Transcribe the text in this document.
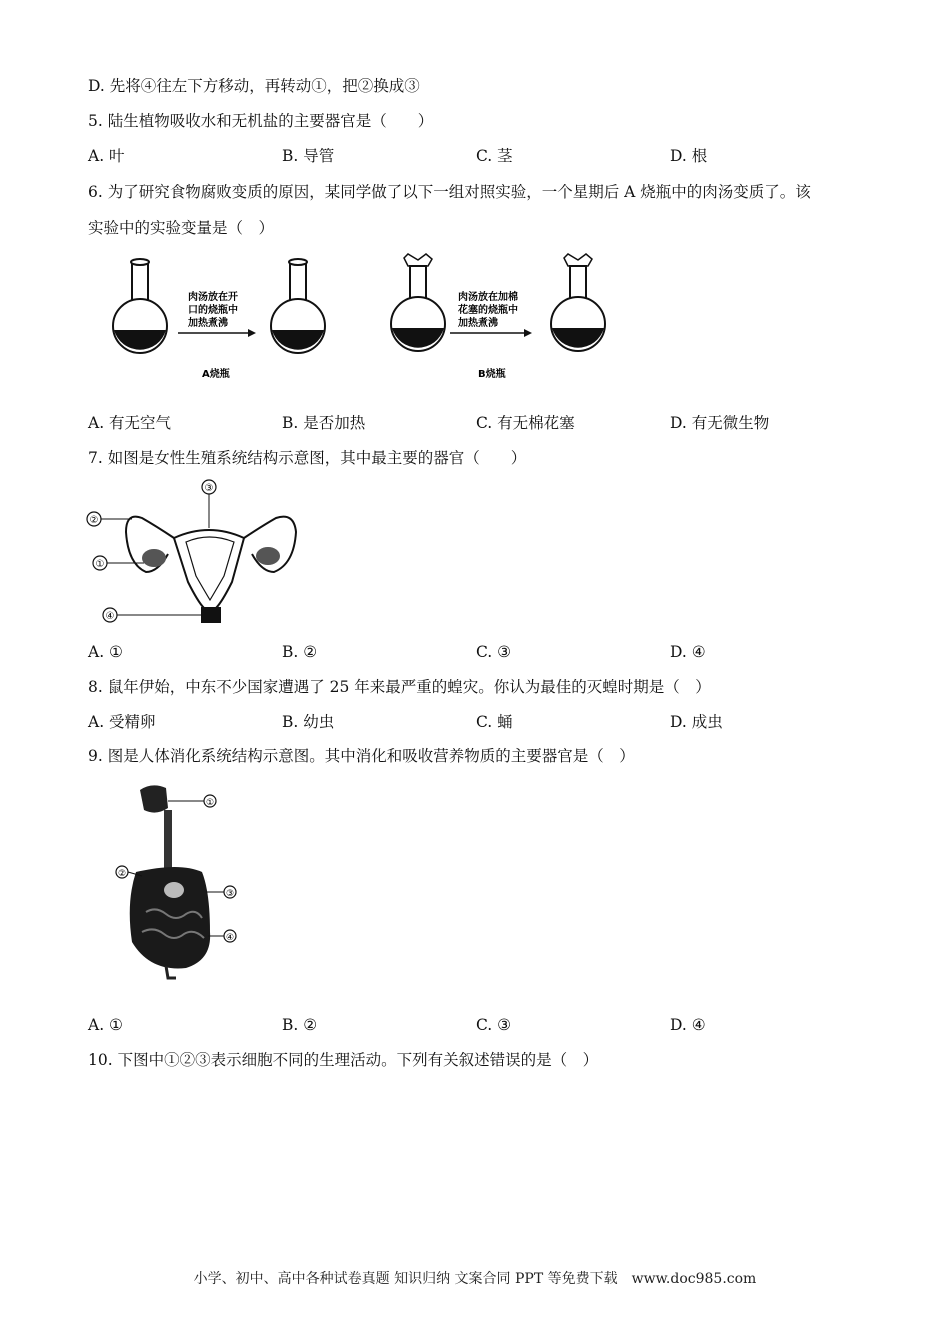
D. 先将④往左下方移动，再转动①，把②换成③
5. 陆生植物吸收水和无机盐的主要器官是（　　）
A. 叶	B. 导管	C. 茎	D. 根
6. 为了研究食物腐败变质的原因，某同学做了以下一组对照实验，一个星期后 A 烧瓶中的肉汤变质了。该
实验中的实验变量是（　）
肉汤放在开
口的烧瓶中
加热煮沸
A烧瓶
肉汤放在加棉
花塞的烧瓶中
加热煮沸
B烧瓶
A. 有无空气	B. 是否加热	C. 有无棉花塞	D. 有无微生物
7. 如图是女性生殖系统结构示意图，其中最主要的器官（　　）
③
②
①
④
A. ①	B. ②	C. ③	D. ④
8. 鼠年伊始，中东不少国家遭遇了 25 年来最严重的蝗灾。你认为最佳的灭蝗时期是（　）
A. 受精卵	B. 幼虫	C. 蛹	D. 成虫
9. 图是人体消化系统结构示意图。其中消化和吸收营养物质的主要器官是（　）
①
②
③
④
A. ①	B. ②	C. ③	D. ④
10. 下图中①②③表示细胞不同的生理活动。下列有关叙述错误的是（　）
小学、初中、高中各种试卷真题 知识归纳 文案合同 PPT 等免费下载　www.doc985.com
